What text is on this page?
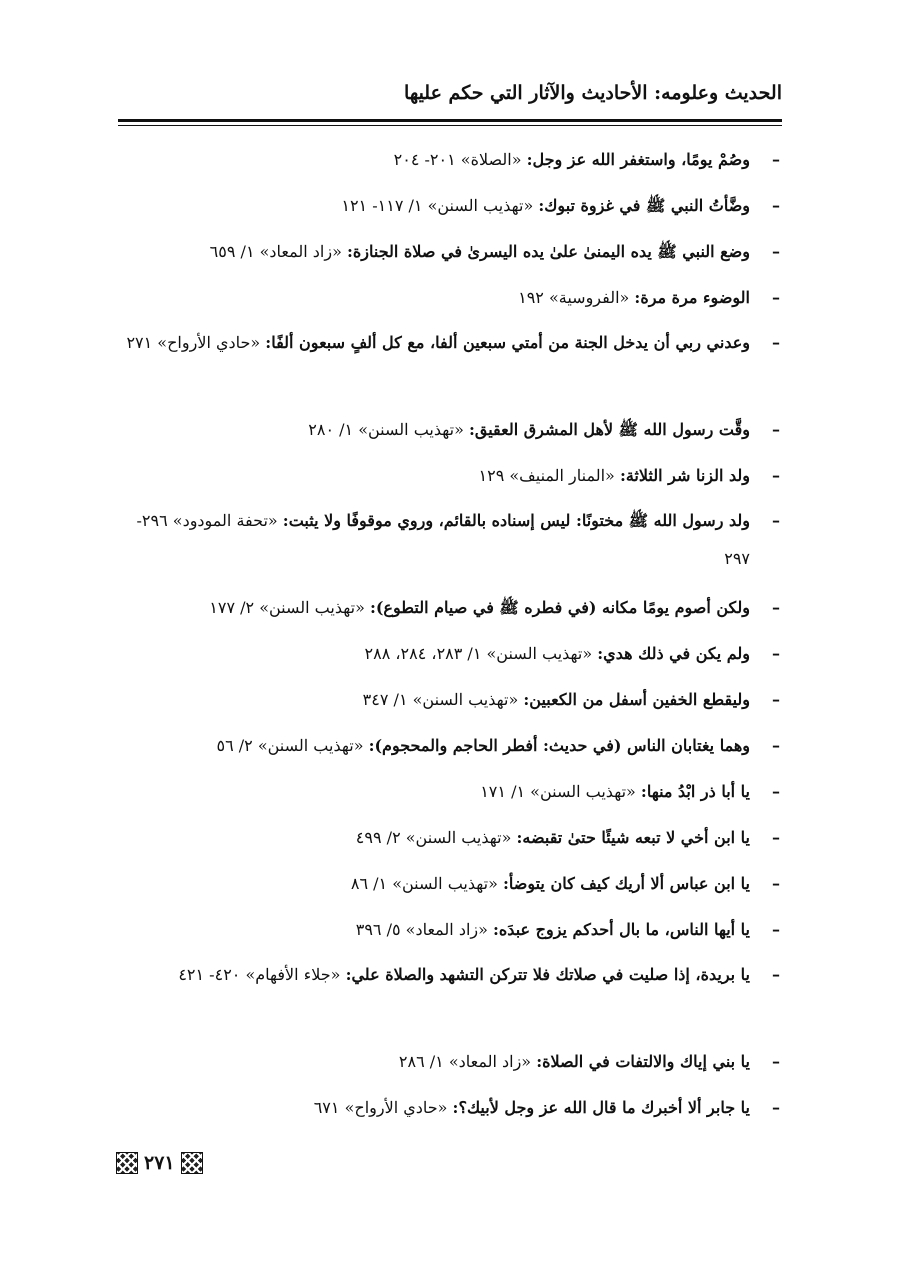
الحديث وعلومه: الأحاديث والآثار التي حكم عليها
–
وصُمْ يومًا، واستغفر الله عز وجل: «الصلاة» ٢٠١- ٢٠٤
–
وضَّأتُ النبي ﷺ في غزوة تبوك: «تهذيب السنن» ١/ ١١٧- ١٢١
–
وضع النبي ﷺ يده اليمنىٰ علىٰ يده اليسرىٰ في صلاة الجنازة: «زاد المعاد» ١/ ٦٥٩
–
الوضوء مرة مرة: «الفروسية» ١٩٢
–
وعدني ربي أن يدخل الجنة من أمتي سبعين ألفا، مع كل ألفٍ سبعون ألفًا: «حادي الأرواح» ٢٧١
–
وقَّت رسول الله ﷺ لأهل المشرق العقيق: «تهذيب السنن» ١/ ٢٨٠
–
ولد الزنا شر الثلاثة: «المنار المنيف» ١٢٩
–
ولد رسول الله ﷺ مختونًا: ليس إسناده بالقائم، وروي موقوفًا ولا يثبت: «تحفة المودود» ٢٩٦- ٢٩٧
–
ولكن أصوم يومًا مكانه (في فطره ﷺ في صيام التطوع): «تهذيب السنن» ٢/ ١٧٧
–
ولم يكن في ذلك هدي: «تهذيب السنن» ١/ ٢٨٣، ٢٨٤، ٢٨٨
–
وليقطع الخفين أسفل من الكعبين: «تهذيب السنن» ١/ ٣٤٧
–
وهما يغتابان الناس (في حديث: أفطر الحاجم والمحجوم): «تهذيب السنن» ٢/ ٥٦
–
يا أبا ذر ابْدُ منها: «تهذيب السنن» ١/ ١٧١
–
يا ابن أخي لا تبعه شيئًا حتىٰ تقبضه: «تهذيب السنن» ٢/ ٤٩٩
–
يا ابن عباس ألا أريك كيف كان يتوضأ: «تهذيب السنن» ١/ ٨٦
–
يا أيها الناس، ما بال أحدكم يزوج عبدَه: «زاد المعاد» ٥/ ٣٩٦
–
يا بريدة، إذا صليت في صلاتك فلا تتركن التشهد والصلاة علي: «جلاء الأفهام» ٤٢٠- ٤٢١
–
يا بني إياك والالتفات في الصلاة: «زاد المعاد» ١/ ٢٨٦
–
يا جابر ألا أخبرك ما قال الله عز وجل لأبيك؟: «حادي الأرواح» ٦٧١
٢٧١
